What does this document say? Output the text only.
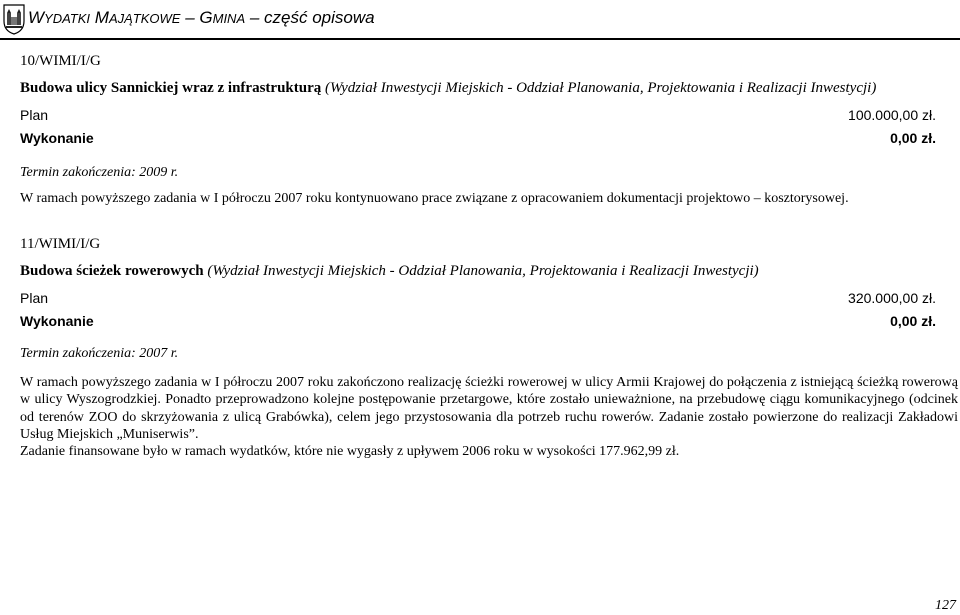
WYDATKI MAJĄTKOWE – GMINA – część opisowa
10/WIMI/I/G
Budowa ulicy Sannickiej wraz z infrastrukturą (Wydział Inwestycji Miejskich - Oddział Planowania, Projektowania i Realizacji Inwestycji)
Plan	100.000,00 zł.
Wykonanie	0,00 zł.
Termin zakończenia: 2009 r.

W ramach powyższego zadania w I półroczu 2007 roku kontynuowano prace związane z opracowaniem dokumentacji projektowo – kosztorysowej.

11/WIMI/I/G
Budowa ścieżek rowerowych (Wydział Inwestycji Miejskich - Oddział Planowania, Projektowania i Realizacji Inwestycji)
Plan	320.000,00 zł.
Wykonanie	0,00 zł.
Termin zakończenia: 2007 r.

W ramach powyższego zadania w I półroczu 2007 roku zakończono realizację ścieżki rowerowej w ulicy Armii Krajowej do połączenia z istniejącą ścieżką rowerową w ulicy Wyszogrodzkiej. Ponadto przeprowadzono kolejne postępowanie przetargowe, które zostało unieważnione, na przebudowę ciągu komunikacyjnego (odcinek od terenów ZOO do skrzyżowania z ulicą Grabówka), celem jego przystosowania dla potrzeb ruchu rowerów. Zadanie zostało powierzone do realizacji Zakładowi Usług Miejskich „Muniserwis”.

Zadanie finansowane było w ramach wydatków, które nie wygasły z upływem 2006 roku w wysokości 177.962,99 zł.

127
